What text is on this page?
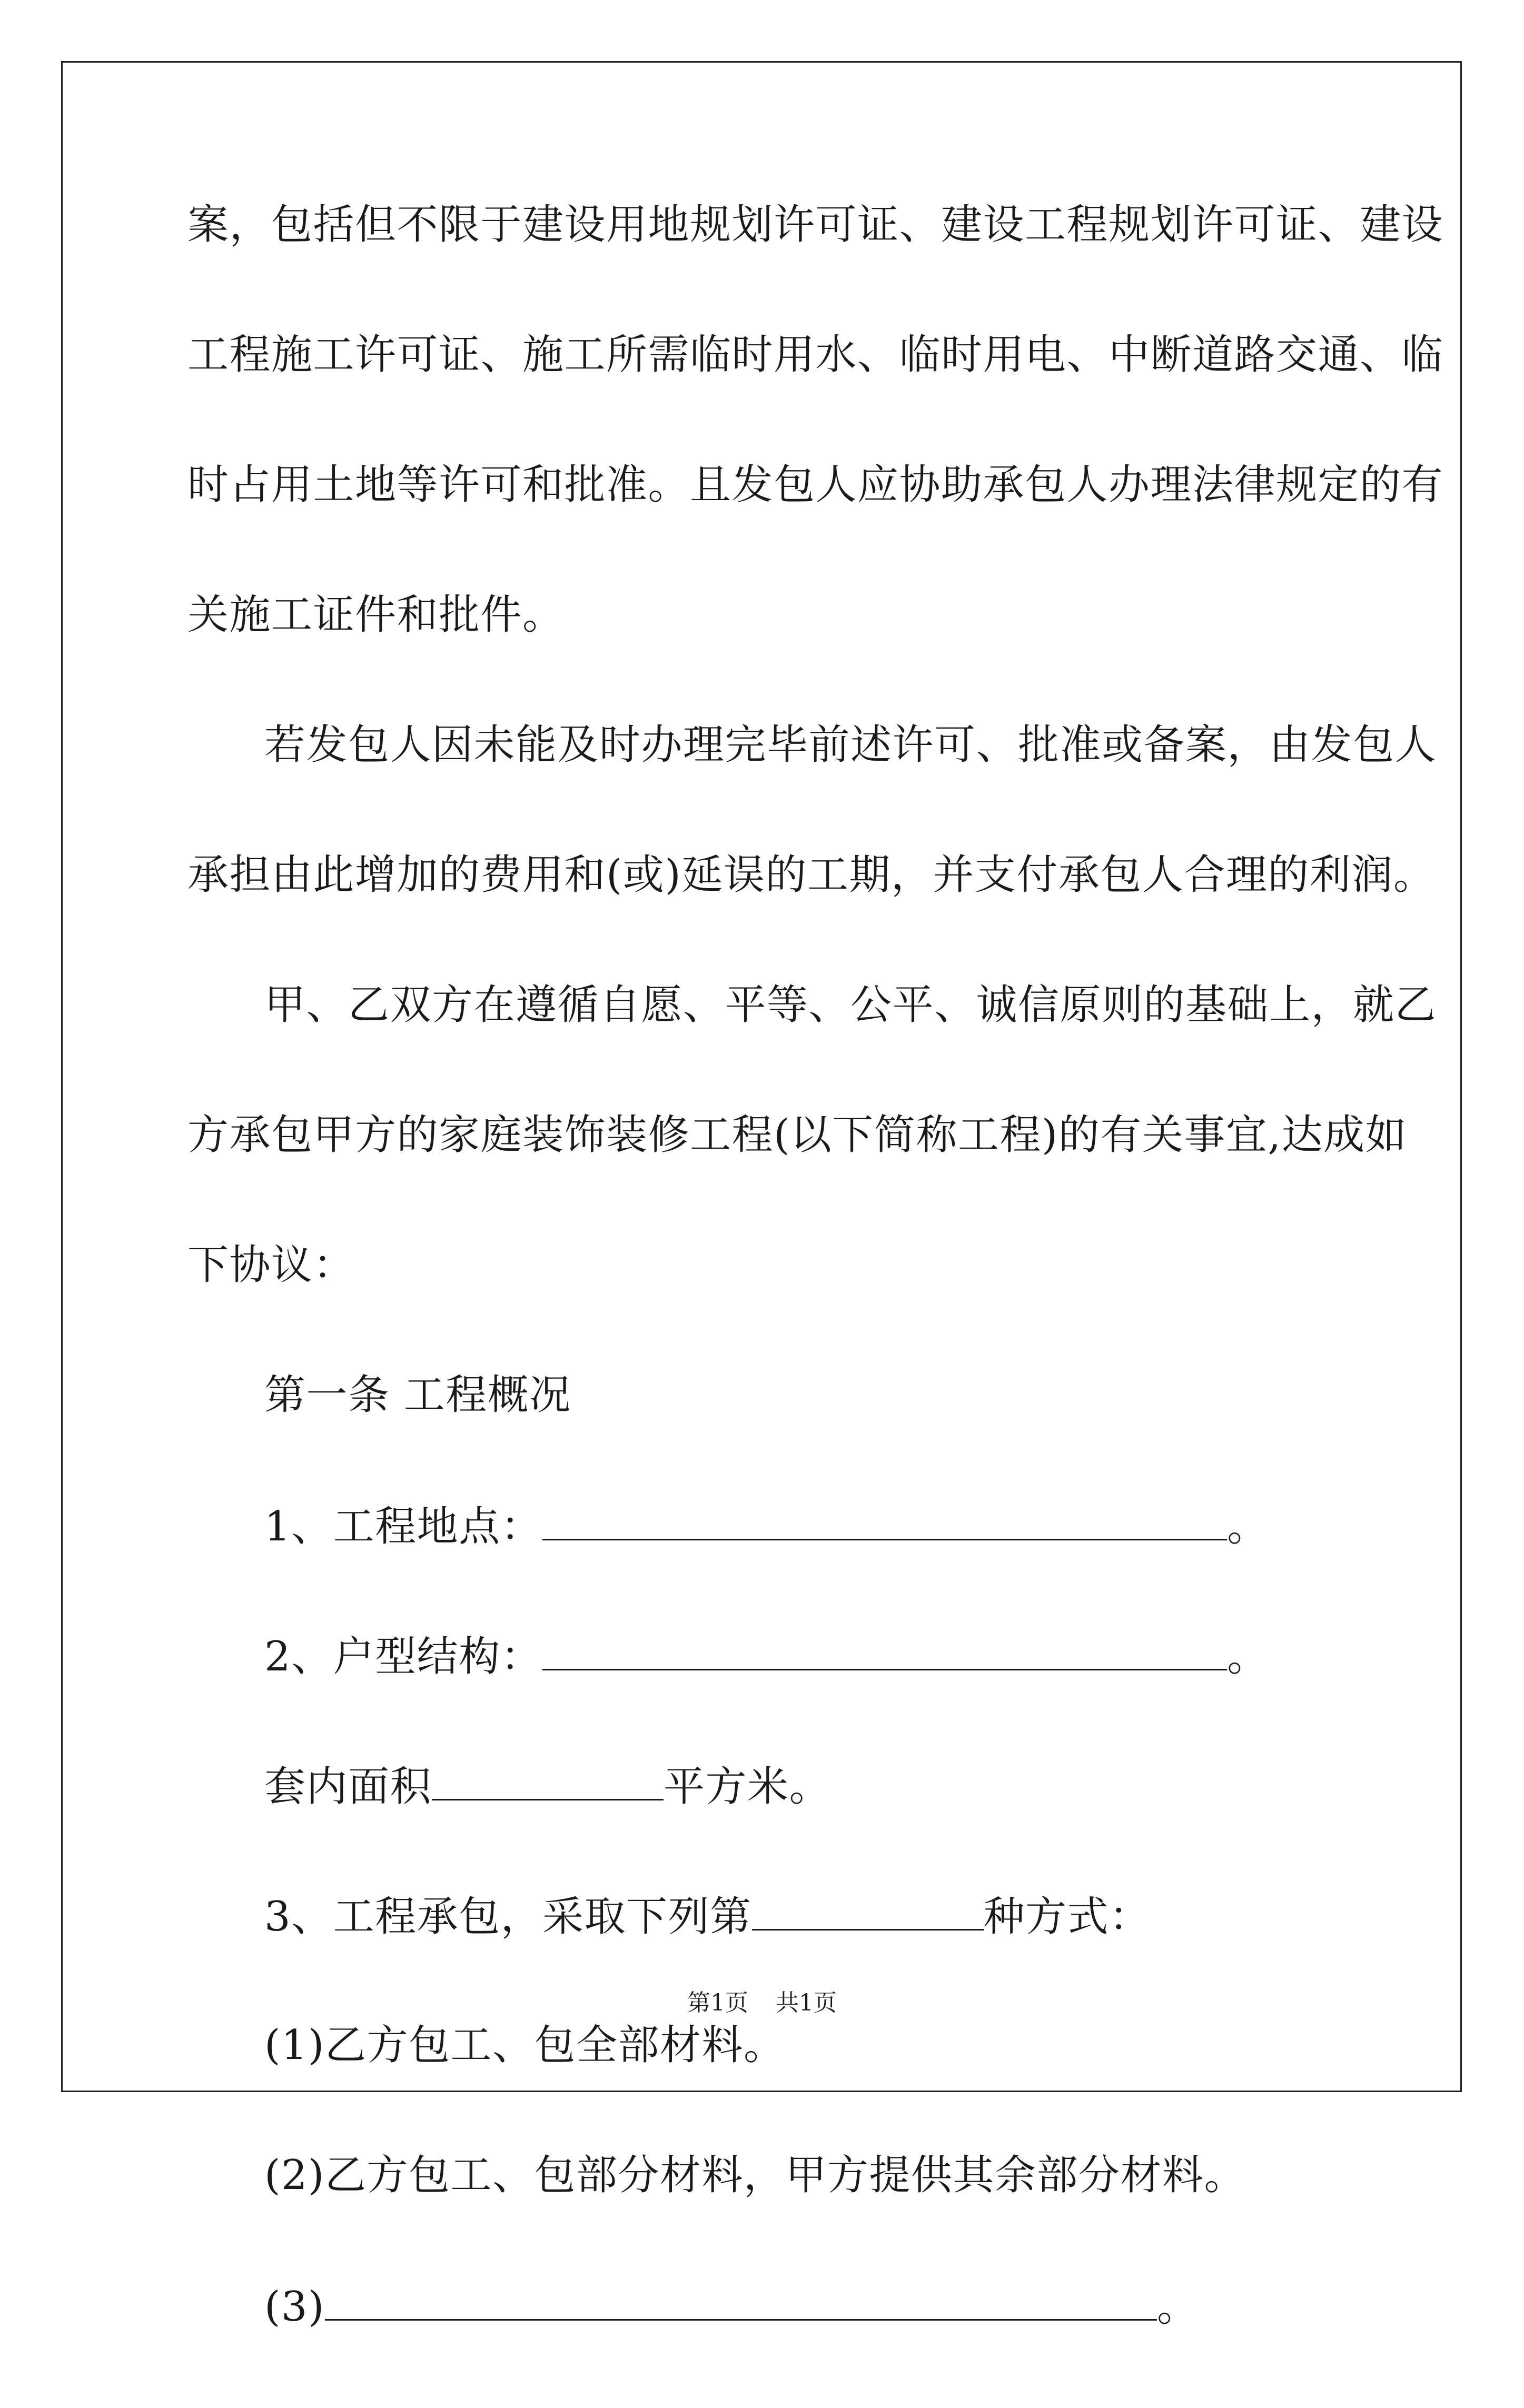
案，包括但不限于建设用地规划许可证、建设工程规划许可证、建设
工程施工许可证、施工所需临时用水、临时用电、中断道路交通、临
时占用土地等许可和批准。且发包人应协助承包人办理法律规定的有
关施工证件和批件。
若发包人因未能及时办理完毕前述许可、批准或备案，由发包人
承担由此增加的费用和(或)延误的工期，并支付承包人合理的利润。
甲、乙双方在遵循自愿、平等、公平、诚信原则的基础上，就乙
方承包甲方的家庭装饰装修工程(以下简称工程)的有关事宜,达成如
下协议：
第一条 工程概况
1、工程地点：	。
2、户型结构：	。
套内面积	平方米。
3、工程承包，采取下列第	种方式：
(1)乙方包工、包全部材料。
(2)乙方包工、包部分材料，甲方提供其余部分材料。
(3)	。
第1页 共1页
